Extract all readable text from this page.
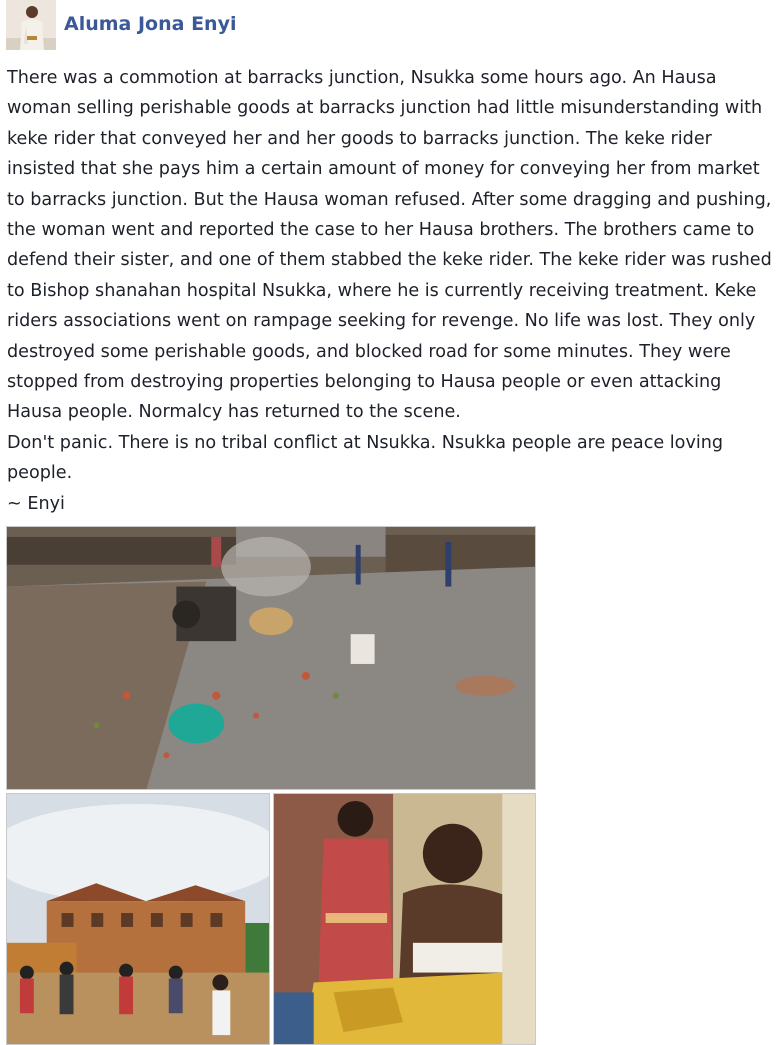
Aluma Jona Enyi

There was a commotion at barracks junction, Nsukka some hours ago. An Hausa woman selling perishable goods at barracks junction had little misunderstanding with keke rider that conveyed her and her goods to barracks junction. The keke rider insisted that she pays him a certain amount of money for conveying her from market to barracks junction. But the Hausa woman refused. After some dragging and pushing, the woman went and reported the case to her Hausa brothers. The brothers came to defend their sister, and one of them stabbed the keke rider. The keke rider was rushed to Bishop shanahan hospital Nsukka, where he is currently receiving treatment. Keke riders associations went on rampage seeking for revenge. No life was lost. They only destroyed some perishable goods, and blocked road for some minutes. They were stopped from destroying properties belonging to Hausa people or even attacking Hausa people. Normalcy has returned to the scene.

Don't panic. There is no tribal conflict at Nsukka. Nsukka people are peace loving people.

~ Enyi
